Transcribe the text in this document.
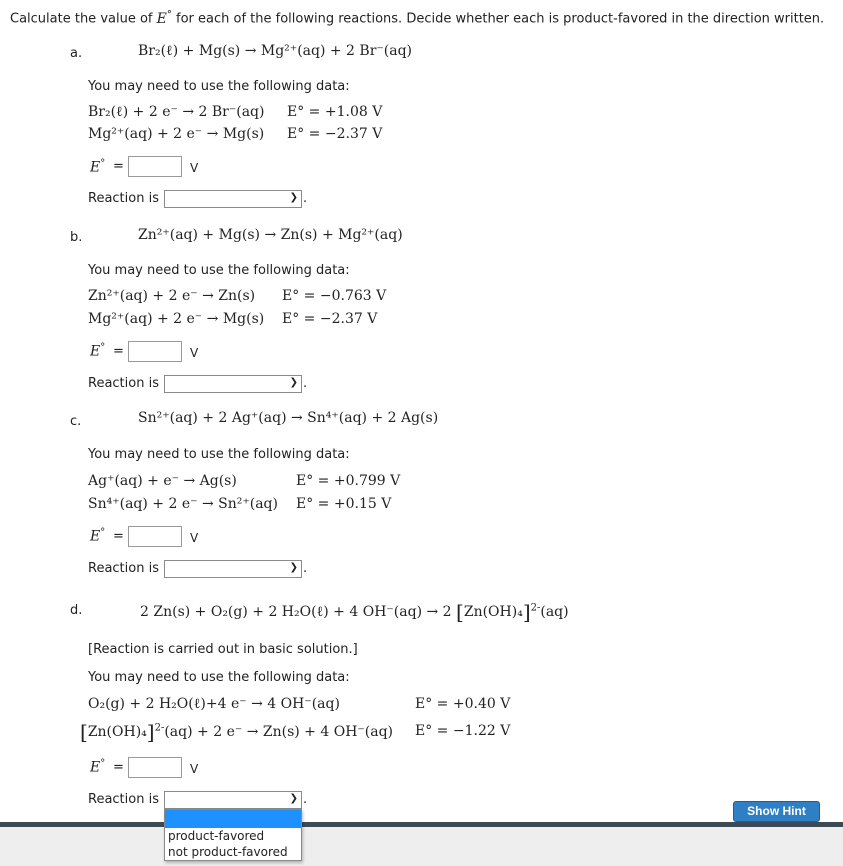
Calculate the value of E° for each of the following reactions. Decide whether each is product-favored in the direction written.
a.	Br₂(ℓ) + Mg(s) → Mg²⁺(aq) + 2 Br⁻(aq)
You may need to use the following data:
Br₂(ℓ) + 2 e⁻ → 2 Br⁻(aq) E° = +1.08 V
Mg²⁺(aq) + 2 e⁻ → Mg(s) E° = −2.37 V
E° =	V
Reaction is	❯ .
b.	Zn²⁺(aq) + Mg(s) → Zn(s) + Mg²⁺(aq)
You may need to use the following data:
Zn²⁺(aq) + 2 e⁻ → Zn(s) E° = −0.763 V
Mg²⁺(aq) + 2 e⁻ → Mg(s) E° = −2.37 V
E° =	V
Reaction is	❯ .
c.	Sn²⁺(aq) + 2 Ag⁺(aq) → Sn⁴⁺(aq) + 2 Ag(s)
You may need to use the following data:
Ag⁺(aq) + e⁻ → Ag(s)	E° = +0.799 V
Sn⁴⁺(aq) + 2 e⁻ → Sn²⁺(aq) E° = +0.15 V
E° =	V
Reaction is	❯ .
d.	2 Zn(s) + O₂(g) + 2 H₂O(ℓ) + 4 OH⁻(aq) → 2 $[Zn(OH)_4]^{2-}(aq)$
[Reaction is carried out in basic solution.]
You may need to use the following data:
O₂(g) + 2 H₂O(ℓ)+4 e⁻ → 4 OH⁻(aq)	E° = +0.40 V
$[Zn(OH)_4]^{2-}(aq) + 2$ e⁻ → Zn(s) + 4 OH⁻(aq) E° = −1.22 V
E° =	V
Reaction is	❯ .
Show Hint
product-favored
not product-favored
